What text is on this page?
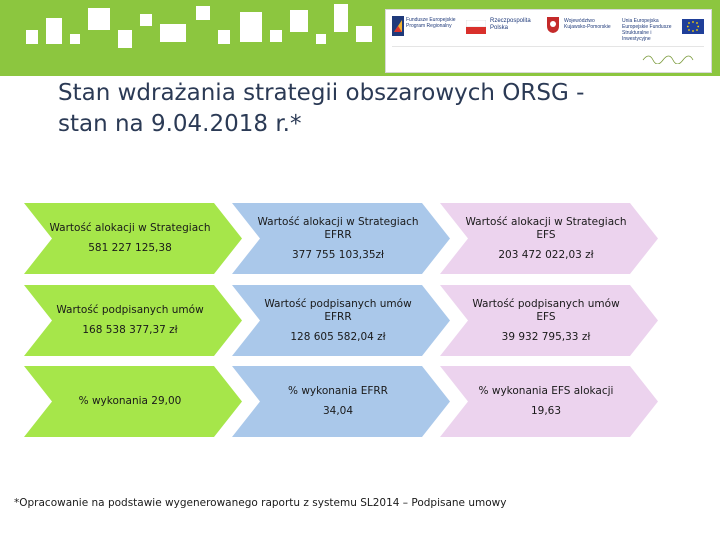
Fundusze Europejskie Program Regionalny
Rzeczpospolita Polska
Województwo Kujawsko-Pomorskie
Unia Europejska Europejskie Fundusze Strukturalne i Inwestycyjne
Stan wdrażania strategii obszarowych ORSG -
stan na 9.04.2018 r.*
Wartość alokacji w Strategiach
581 227 125,38
Wartość alokacji w Strategiach EFRR
377 755 103,35zł
Wartość alokacji w Strategiach EFS
203 472 022,03 zł
Wartość podpisanych umów
168 538 377,37 zł
Wartość podpisanych umów EFRR
128 605 582,04 zł
Wartość podpisanych umów EFS
39 932 795,33 zł
% wykonania 29,00
% wykonania EFRR
34,04
% wykonania EFS alokacji
19,63
*Opracowanie na podstawie wygenerowanego raportu z systemu SL2014 – Podpisane umowy
